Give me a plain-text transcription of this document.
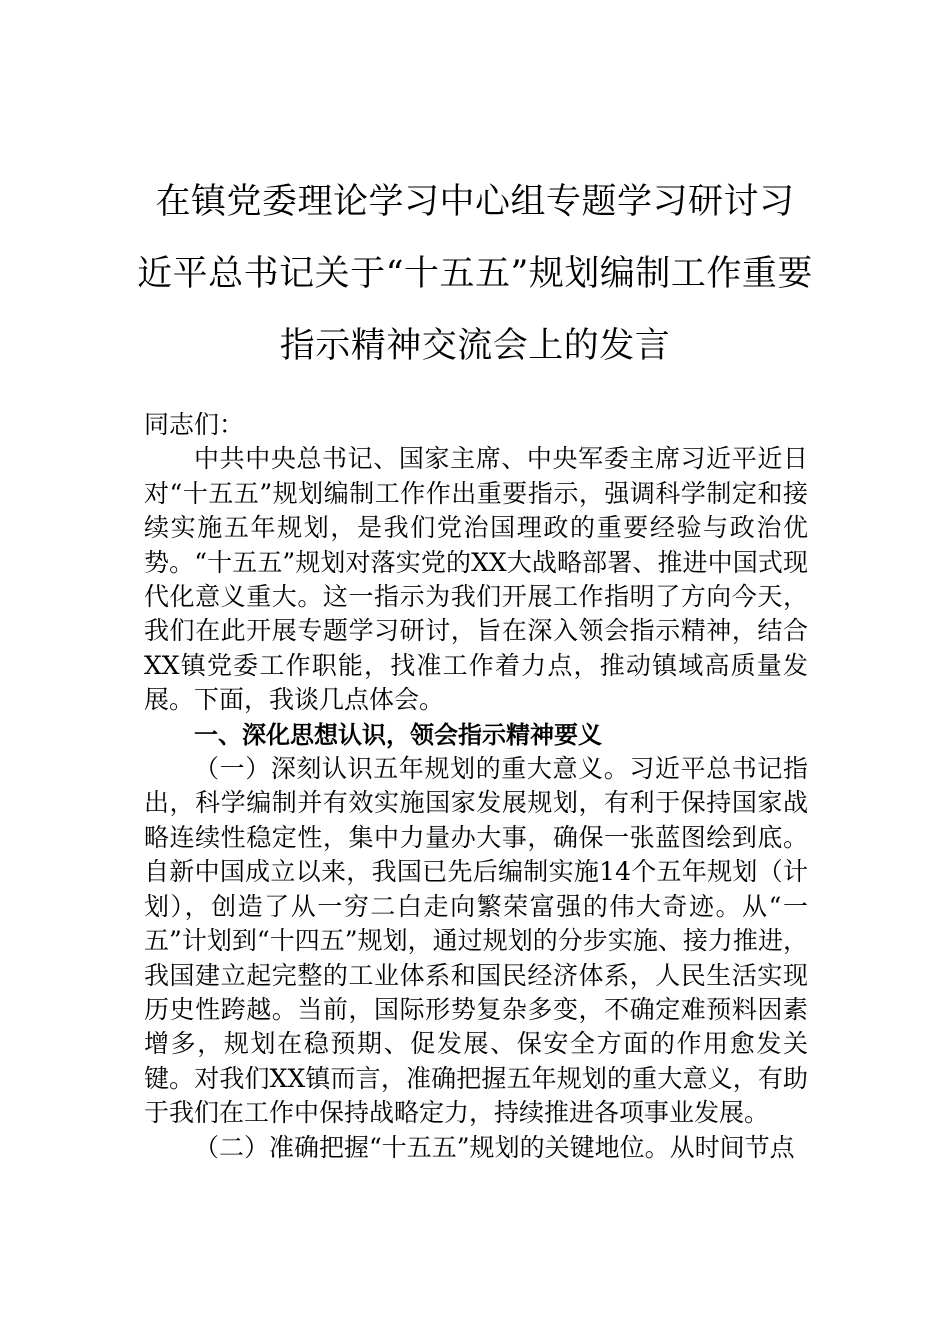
在镇党委理论学习中心组专题学习研讨习
近平总书记关于“十五五”规划编制工作重要
指示精神交流会上的发言

同志们：

中共中央总书记、国家主席、中央军委主席习近平近日对“十五五”规划编制工作作出重要指示，强调科学制定和接续实施五年规划，是我们党治国理政的重要经验与政治优势。“十五五”规划对落实党的XX大战略部署、推进中国式现代化意义重大。这一指示为我们开展工作指明了方向今天，我们在此开展专题学习研讨，旨在深入领会指示精神，结合XX镇党委工作职能，找准工作着力点，推动镇域高质量发展。下面，我谈几点体会。

一、深化思想认识，领会指示精神要义

（一）深刻认识五年规划的重大意义。习近平总书记指出，科学编制并有效实施国家发展规划，有利于保持国家战略连续性稳定性，集中力量办大事，确保一张蓝图绘到底。自新中国成立以来，我国已先后编制实施14个五年规划（计划），创造了从一穷二白走向繁荣富强的伟大奇迹。从“一五”计划到“十四五”规划，通过规划的分步实施、接力推进，我国建立起完整的工业体系和国民经济体系，人民生活实现历史性跨越。当前，国际形势复杂多变，不确定难预料因素增多，规划在稳预期、促发展、保安全方面的作用愈发关键。对我们XX镇而言，准确把握五年规划的重大意义，有助于我们在工作中保持战略定力，持续推进各项事业发展。

（二）准确把握“十五五”规划的关键地位。从时间节点
